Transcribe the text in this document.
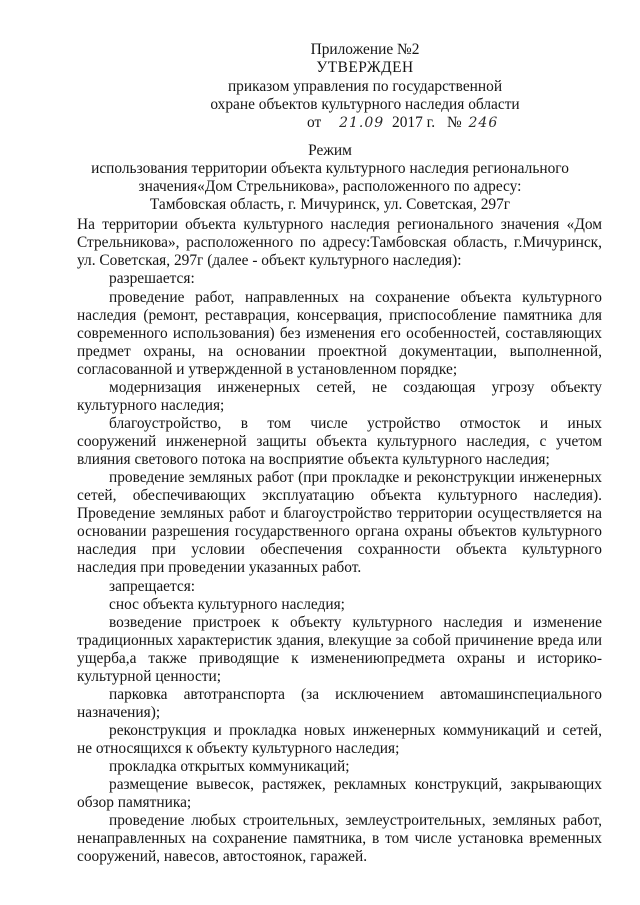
Приложение №2
УТВЕРЖДЕН
приказом управления по государственной
охране объектов культурного наследия области
от 21.09 2017 г. № 246
Режим
использования территории объекта культурного наследия регионального
значения«Дом Стрельникова», расположенного по адресу:
Тамбовская область, г. Мичуринск, ул. Советская, 297г
На территории объекта культурного наследия регионального значения «Дом
Стрельникова», расположенного по адресу:Тамбовская область, г.Мичуринск,
ул. Советская, 297г (далее - объект культурного наследия):
разрешается:
проведение работ, направленных на сохранение объекта культурного
наследия (ремонт, реставрация, консервация, приспособление памятника для
современного использования) без изменения его особенностей, составляющих
предмет охраны, на основании проектной документации, выполненной,
согласованной и утвержденной в установленном порядке;
модернизация инженерных сетей, не создающая угрозу объекту
культурного наследия;
благоустройство, в том числе устройство отмосток и иных
сооружений инженерной защиты объекта культурного наследия, с учетом
влияния светового потока на восприятие объекта культурного наследия;
проведение земляных работ (при прокладке и реконструкции инженерных
сетей, обеспечивающих эксплуатацию объекта культурного наследия).
Проведение земляных работ и благоустройство территории осуществляется на
основании разрешения государственного органа охраны объектов культурного
наследия при условии обеспечения сохранности объекта культурного
наследия при проведении указанных работ.
запрещается:
снос объекта культурного наследия;
возведение пристроек к объекту культурного наследия и изменение
традиционных характеристик здания, влекущие за собой причинение вреда или
ущерба,а также приводящие к изменениюпредмета охраны и историко-
культурной ценности;
парковка автотранспорта (за исключением автомашинспециального
назначения);
реконструкция и прокладка новых инженерных коммуникаций и сетей,
не относящихся к объекту культурного наследия;
прокладка открытых коммуникаций;
размещение вывесок, растяжек, рекламных конструкций, закрывающих
обзор памятника;
проведение любых строительных, землеустроительных, земляных работ,
ненаправленных на сохранение памятника, в том числе установка временных
сооружений, навесов, автостоянок, гаражей.
